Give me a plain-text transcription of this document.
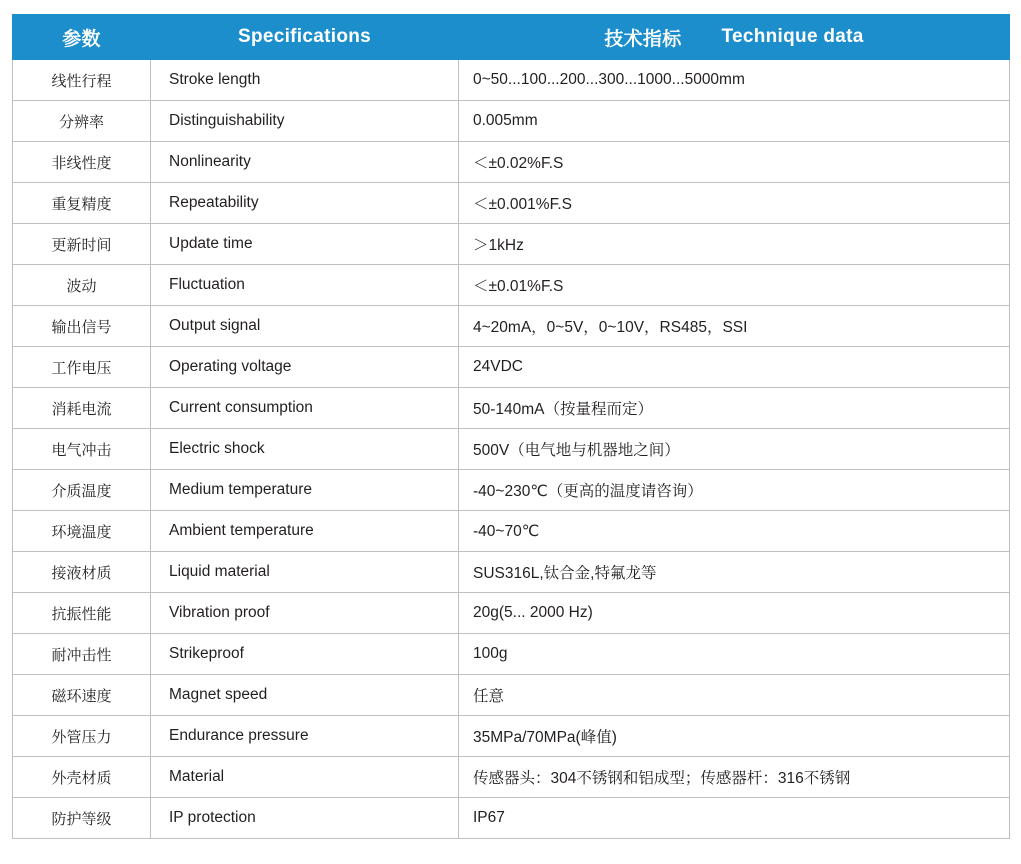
参数	Specifications	技术指标 Technique data

线性行程	Stroke length	0~50...100...200...300...1000...5000mm
分辨率	Distinguishability	0.005mm
非线性度	Nonlinearity	＜±0.02%F.S
重复精度	Repeatability	＜±0.001%F.S
更新时间	Update time	＞1kHz
波动	Fluctuation	＜±0.01%F.S
输出信号	Output signal	4~20mA，0~5V，0~10V，RS485，SSI
工作电压	Operating voltage	24VDC
消耗电流	Current consumption	50-140mA（按量程而定）
电气冲击	Electric shock	500V（电气地与机器地之间）
介质温度	Medium temperature	-40~230℃（更高的温度请咨询）
环境温度	Ambient temperature	-40~70℃
接液材质	Liquid material	SUS316L,钛合金,特氟龙等
抗振性能	Vibration proof	20g(5... 2000 Hz)
耐冲击性	Strikeproof	100g
磁环速度	Magnet speed	任意
外管压力	Endurance pressure	35MPa/70MPa(峰值)
外壳材质	Material	传感器头：304不锈钢和铝成型；传感器杆：316不锈钢
防护等级	IP protection	IP67
